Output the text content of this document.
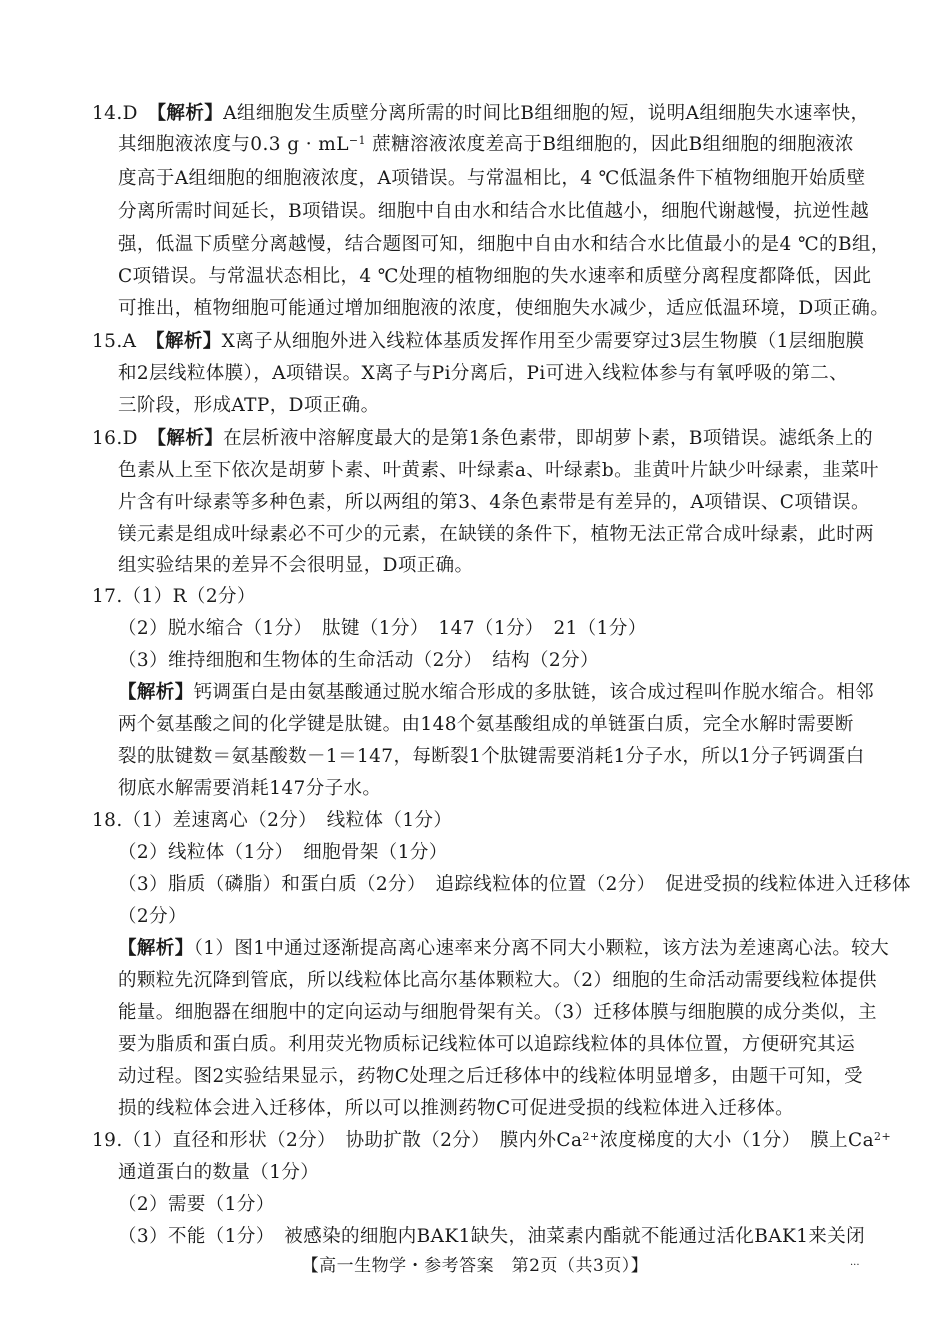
14.D　 【解析】A组细胞发生质壁分离所需的时间比B组细胞的短，说明A组细胞失水速率快，
其细胞液浓度与0.3 $g \cdot mL^{-1}$ 蔗糖溶液浓度差高于B组细胞的，因此B组细胞的细胞液浓
度高于A组细胞的细胞液浓度，A项错误。与常温相比，4 ℃低温条件下植物细胞开始质壁
分离所需时间延长，B项错误。细胞中自由水和结合水比值越小，细胞代谢越慢，抗逆性越
强，低温下质壁分离越慢，结合题图可知，细胞中自由水和结合水比值最小的是4 ℃的B组，
C项错误。与常温状态相比，4 ℃处理的植物细胞的失水速率和质壁分离程度都降低，因此
可推出，植物细胞可能通过增加细胞液的浓度，使细胞失水减少，适应低温环境，D项正确。
15.A　 【解析】X离子从细胞外进入线粒体基质发挥作用至少需要穿过3层生物膜（1层细胞膜
和2层线粒体膜），A项错误。X离子与Pi分离后，Pi可进入线粒体参与有氧呼吸的第二、
三阶段，形成ATP，D项正确。
16.D　 【解析】在层析液中溶解度最大的是第1条色素带，即胡萝卜素，B项错误。滤纸条上的
色素从上至下依次是胡萝卜素、叶黄素、叶绿素a、叶绿素b。韭黄叶片缺少叶绿素，韭菜叶
片含有叶绿素等多种色素，所以两组的第3、4条色素带是有差异的，A项错误、C项错误。
镁元素是组成叶绿素必不可少的元素，在缺镁的条件下，植物无法正常合成叶绿素，此时两
组实验结果的差异不会很明显，D项正确。
17.（1）R（2分）
（2）脱水缩合（1分）　肽键（1分）　147（1分）　21（1分）
（3）维持细胞和生物体的生命活动（2分）　结构（2分）
【解析】钙调蛋白是由氨基酸通过脱水缩合形成的多肽链，该合成过程叫作脱水缩合。相邻
两个氨基酸之间的化学键是肽键。由148个氨基酸组成的单链蛋白质，完全水解时需要断
裂的肽键数＝氨基酸数－1＝147，每断裂1个肽键需要消耗1分子水，所以1分子钙调蛋白
彻底水解需要消耗147分子水。
18.（1）差速离心（2分）　线粒体（1分）
（2）线粒体（1分）　细胞骨架（1分）
（3）脂质（磷脂）和蛋白质（2分）　追踪线粒体的位置（2分）　促进受损的线粒体进入迁移体
（2分）
【解析】（1）图1中通过逐渐提高离心速率来分离不同大小颗粒，该方法为差速离心法。较大
的颗粒先沉降到管底，所以线粒体比高尔基体颗粒大。（2）细胞的生命活动需要线粒体提供
能量。细胞器在细胞中的定向运动与细胞骨架有关。（3）迁移体膜与细胞膜的成分类似，主
要为脂质和蛋白质。利用荧光物质标记线粒体可以追踪线粒体的具体位置，方便研究其运
动过程。图2实验结果显示，药物C处理之后迁移体中的线粒体明显增多，由题干可知，受
损的线粒体会进入迁移体，所以可以推测药物C可促进受损的线粒体进入迁移体。
19.（1）直径和形状（2分）　协助扩散（2分）　膜内外$Ca^{2+}$浓度梯度的大小（1分）　膜上$Ca^{2+}$
通道蛋白的数量（1分）
（2）需要（1分）
（3）不能（1分）　被感染的细胞内BAK1缺失，油菜素内酯就不能通过活化BAK1来关闭
【高一生物学・参考答案　第2页（共3页）】	...
